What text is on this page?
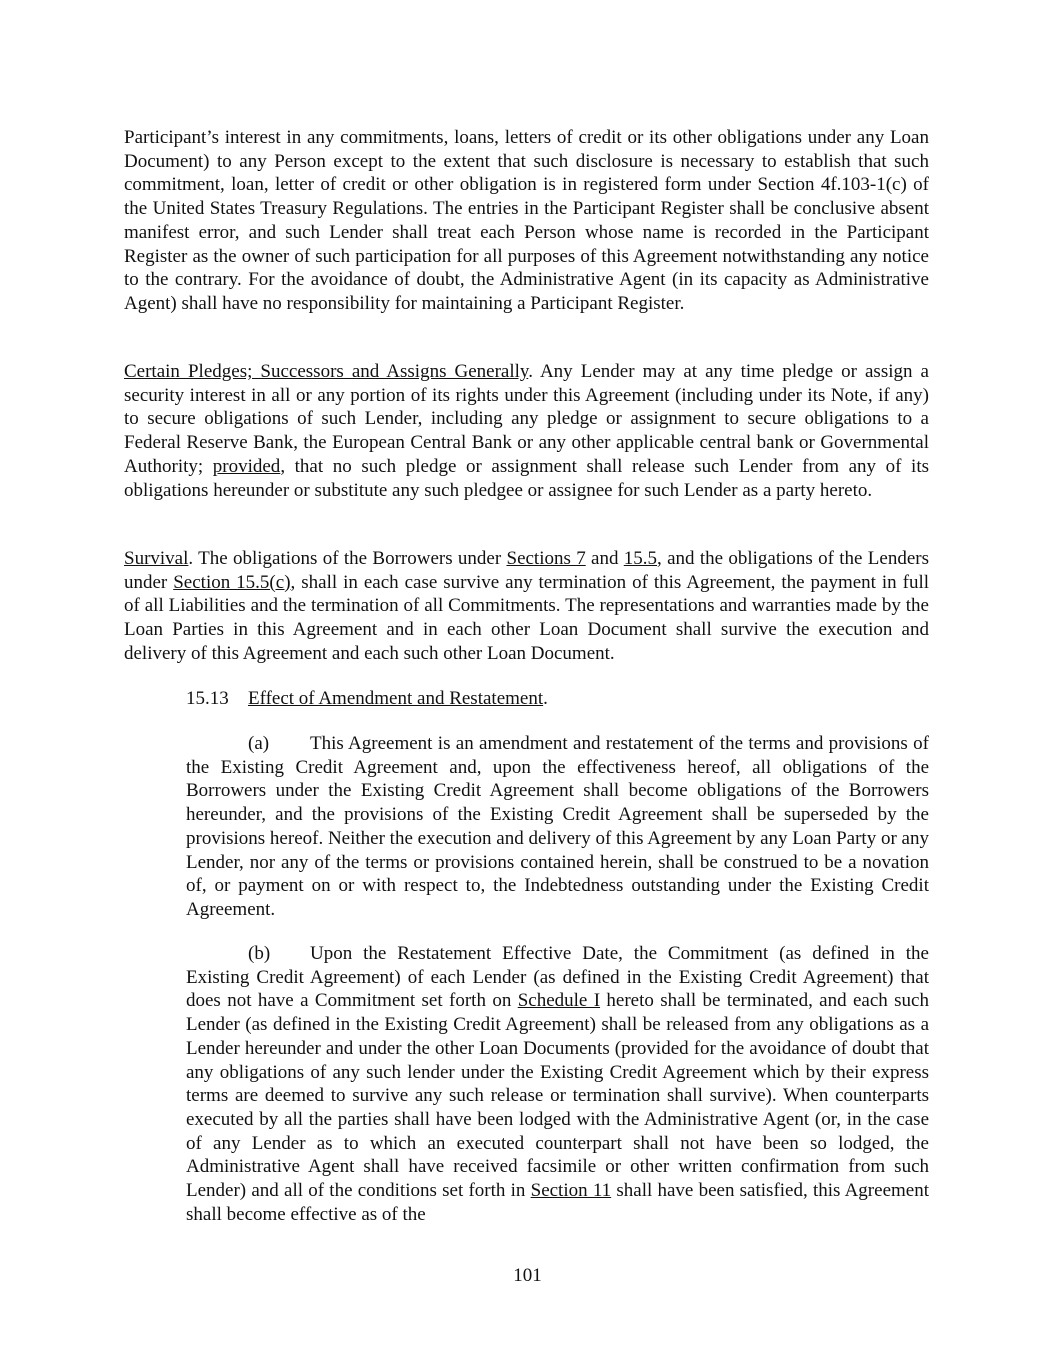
Participant’s interest in any commitments, loans, letters of credit or its other obligations under any Loan Document) to any Person except to the extent that such disclosure is necessary to establish that such commitment, loan, letter of credit or other obligation is in registered form under Section 4f.103-1(c) of the United States Treasury Regulations. The entries in the Participant Register shall be conclusive absent manifest error, and such Lender shall treat each Person whose name is recorded in the Participant Register as the owner of such participation for all purposes of this Agreement notwithstanding any notice to the contrary. For the avoidance of doubt, the Administrative Agent (in its capacity as Administrative Agent) shall have no responsibility for maintaining a Participant Register.

Certain Pledges; Successors and Assigns Generally. Any Lender may at any time pledge or assign a security interest in all or any portion of its rights under this Agreement (including under its Note, if any) to secure obligations of such Lender, including any pledge or assignment to secure obligations to a Federal Reserve Bank, the European Central Bank or any other applicable central bank or Governmental Authority; provided, that no such pledge or assignment shall release such Lender from any of its obligations hereunder or substitute any such pledgee or assignee for such Lender as a party hereto.

Survival. The obligations of the Borrowers under Sections 7 and 15.5, and the obligations of the Lenders under Section 15.5(c), shall in each case survive any termination of this Agreement, the payment in full of all Liabilities and the termination of all Commitments. The representations and warranties made by the Loan Parties in this Agreement and in each other Loan Document shall survive the execution and delivery of this Agreement and each such other Loan Document.

15.13 Effect of Amendment and Restatement.

(a) This Agreement is an amendment and restatement of the terms and provisions of the Existing Credit Agreement and, upon the effectiveness hereof, all obligations of the Borrowers under the Existing Credit Agreement shall become obligations of the Borrowers hereunder, and the provisions of the Existing Credit Agreement shall be superseded by the provisions hereof. Neither the execution and delivery of this Agreement by any Loan Party or any Lender, nor any of the terms or provisions contained herein, shall be construed to be a novation of, or payment on or with respect to, the Indebtedness outstanding under the Existing Credit Agreement.

(b) Upon the Restatement Effective Date, the Commitment (as defined in the Existing Credit Agreement) of each Lender (as defined in the Existing Credit Agreement) that does not have a Commitment set forth on Schedule I hereto shall be terminated, and each such Lender (as defined in the Existing Credit Agreement) shall be released from any obligations as a Lender hereunder and under the other Loan Documents (provided for the avoidance of doubt that any obligations of any such lender under the Existing Credit Agreement which by their express terms are deemed to survive any such release or termination shall survive). When counterparts executed by all the parties shall have been lodged with the Administrative Agent (or, in the case of any Lender as to which an executed counterpart shall not have been so lodged, the Administrative Agent shall have received facsimile or other written confirmation from such Lender) and all of the conditions set forth in Section 11 shall have been satisfied, this Agreement shall become effective as of the

101
